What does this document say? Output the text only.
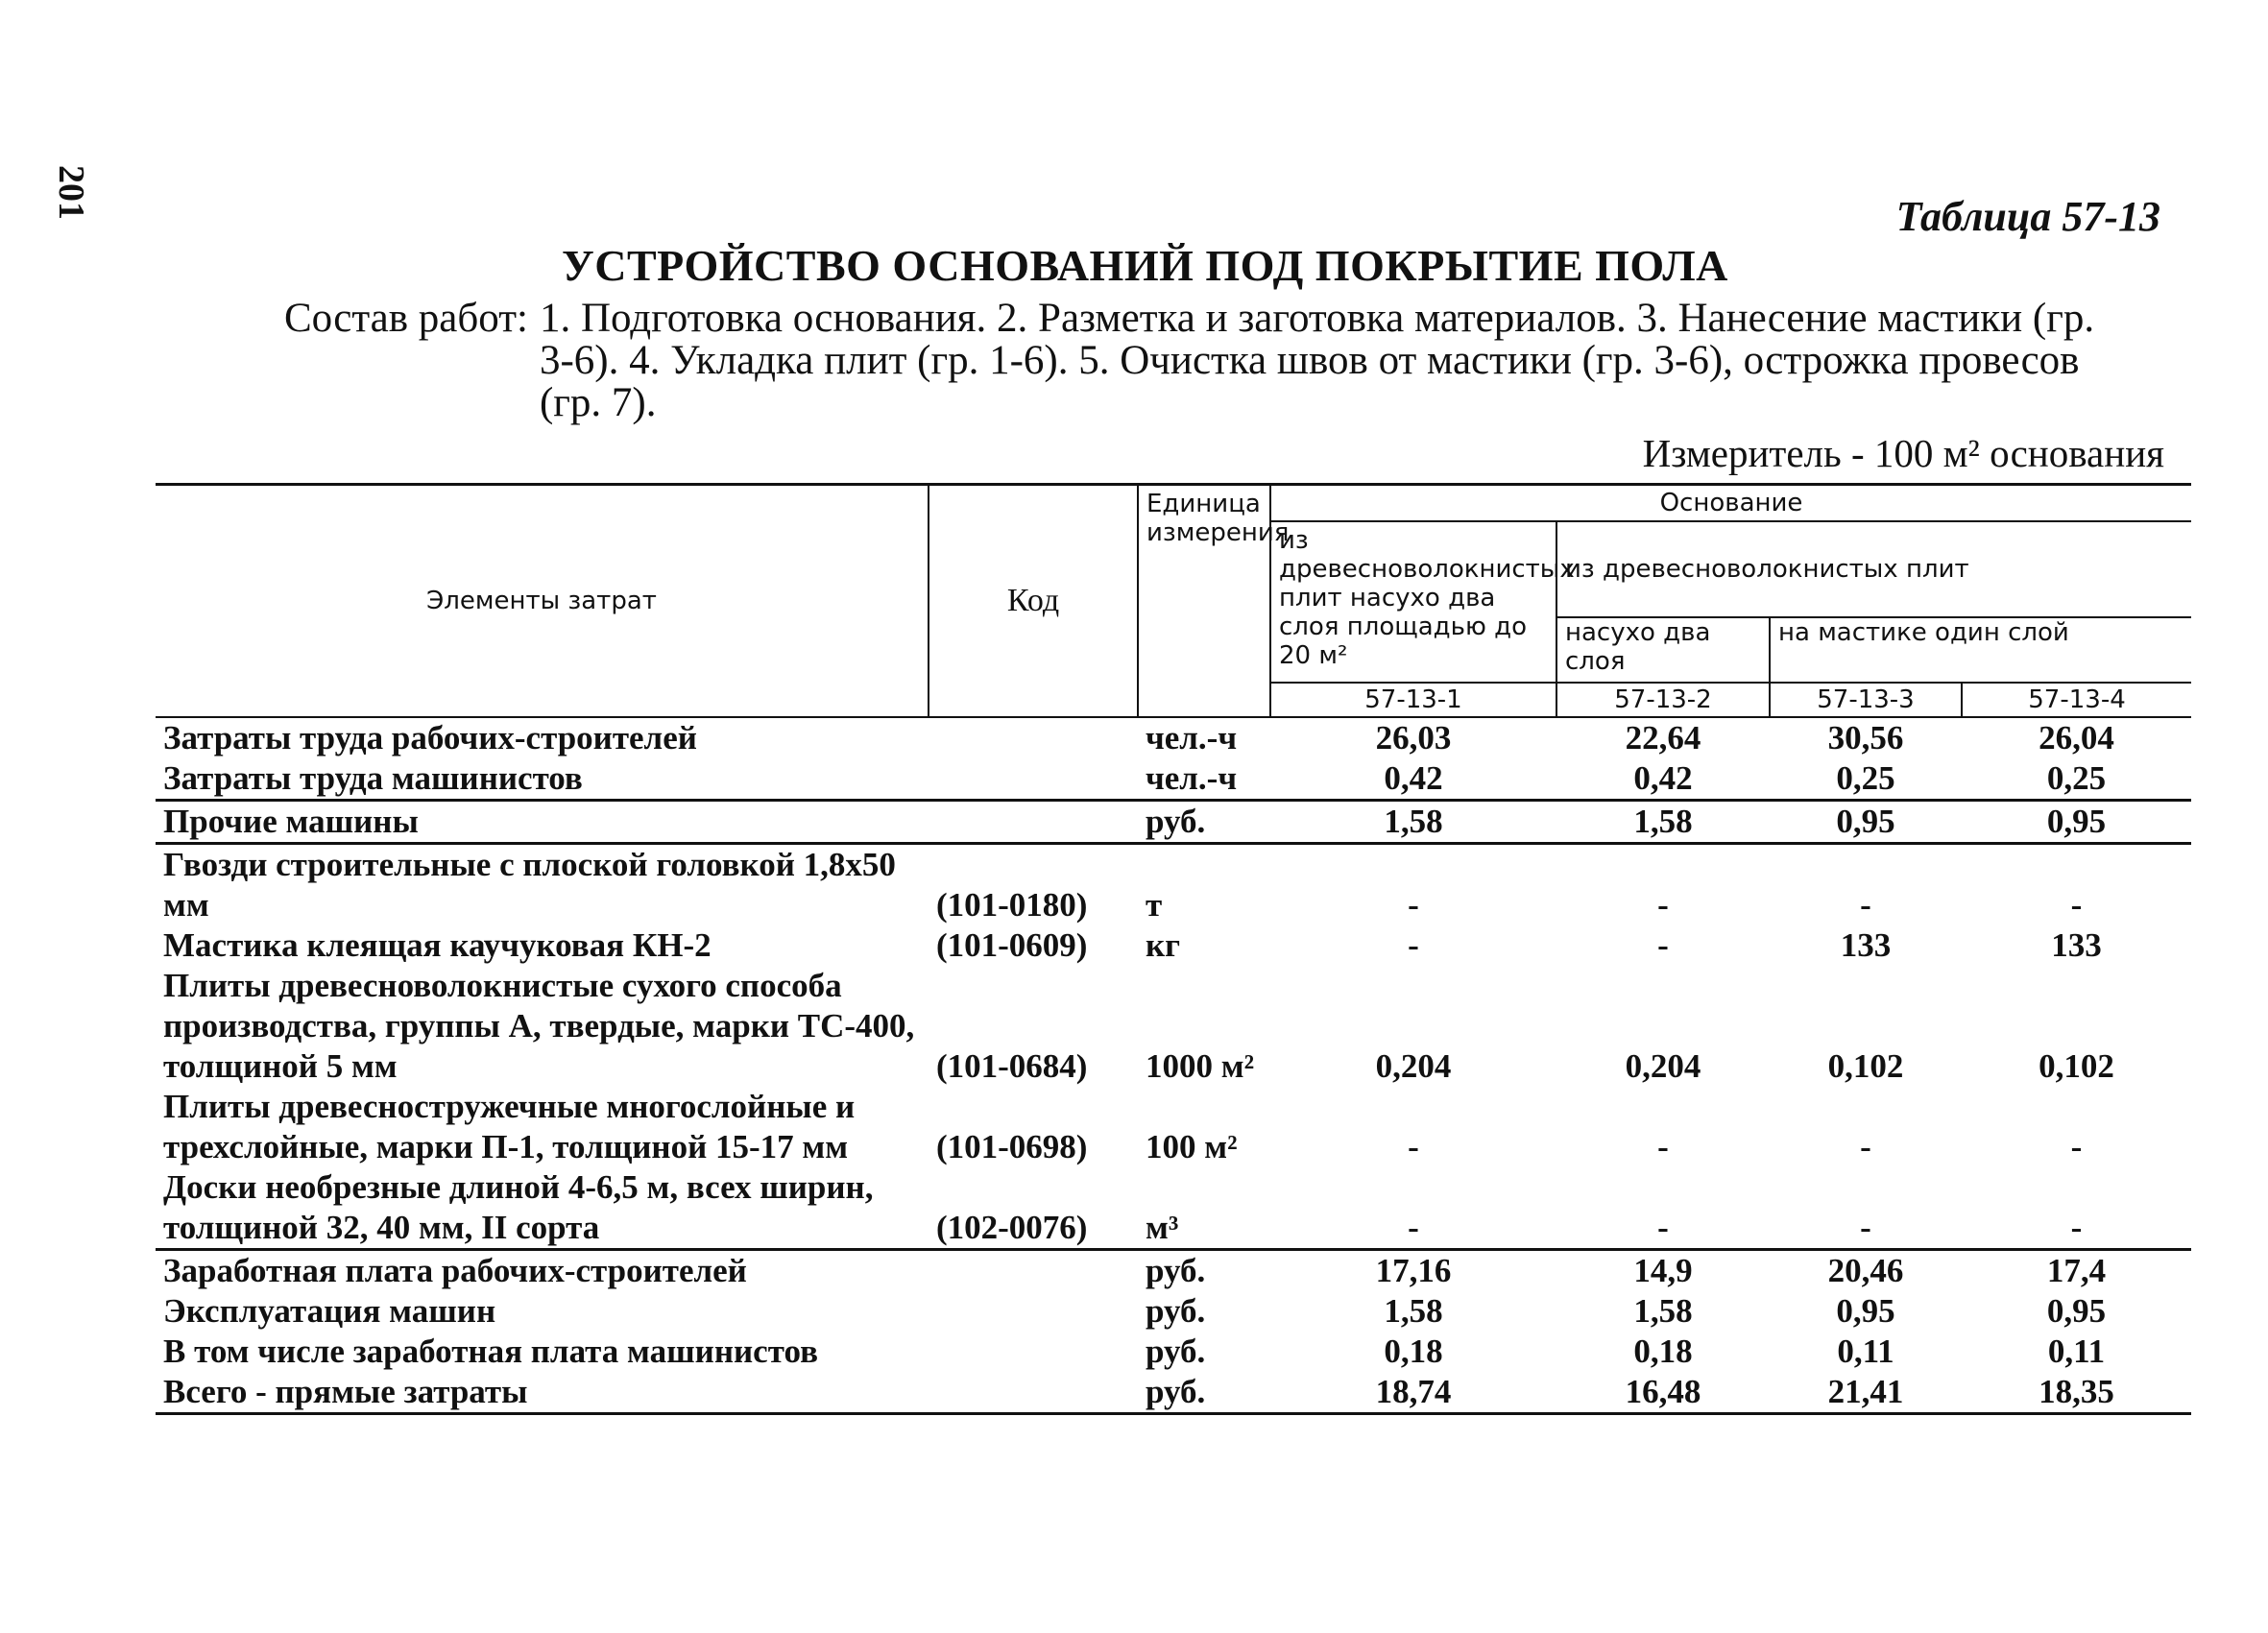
201	Таблица 57-13
УСТРОЙСТВО ОСНОВАНИЙ ПОД ПОКРЫТИЕ ПОЛА
Состав работ: 1. Подготовка основания. 2. Разметка и заготовка материалов. 3. Нанесение мастики (гр. 3-6). 4. Укладка плит (гр. 1-6). 5. Очистка швов от мастики (гр. 3-6), острожка провесов (гр. 7).
Измеритель - 100 м² основания
Элементы затрат	Код	Единица измерения	Основание			
			из древесноволокнистых плит насухо два слоя площадью до 20 м²	из древесноволокнистых плит		
				насухо два слоя	на мастике один слой	
			57-13-1	57-13-2	57-13-3	57-13-4
Затраты труда рабочих-строителей		чел.-ч	26,03	22,64	30,56	26,04
Затраты труда машинистов		чел.-ч	0,42	0,42	0,25	0,25
Прочие машины		руб.	1,58	1,58	0,95	0,95
Гвозди строительные с плоской головкой 1,8х50 мм	(101-0180)	т	-	-	-	-
Мастика клеящая каучуковая КН-2	(101-0609)	кг	-	-	133	133
Плиты древесноволокнистые сухого способа производства, группы А, твердые, марки ТС-400, толщиной 5 мм	(101-0684)	1000 м²	0,204	0,204	0,102	0,102
Плиты древесностружечные многослойные и трехслойные, марки П-1, толщиной 15-17 мм	(101-0698)	100 м²	-	-	-	-
Доски необрезные длиной 4-6,5 м, всех ширин, толщиной 32, 40 мм, II сорта	(102-0076)	м³	-	-	-	-
Заработная плата рабочих-строителей		руб.	17,16	14,9	20,46	17,4
Эксплуатация машин		руб.	1,58	1,58	0,95	0,95
В том числе заработная плата машинистов		руб.	0,18	0,18	0,11	0,11
Всего - прямые затраты		руб.	18,74	16,48	21,41	18,35
